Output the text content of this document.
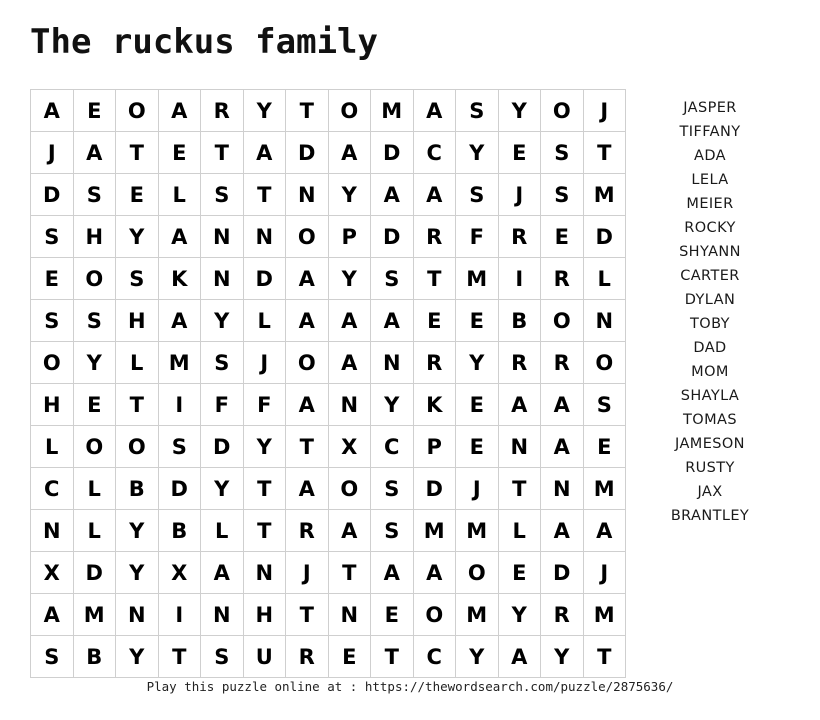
The ruckus family
A	E	O	A	R	Y	T	O	M	A	S	Y	O	J
J	A	T	E	T	A	D	A	D	C	Y	E	S	T
D	S	E	L	S	T	N	Y	A	A	S	J	S	M
S	H	Y	A	N	N	O	P	D	R	F	R	E	D
E	O	S	K	N	D	A	Y	S	T	M	I	R	L
S	S	H	A	Y	L	A	A	A	E	E	B	O	N
O	Y	L	M	S	J	O	A	N	R	Y	R	R	O
H	E	T	I	F	F	A	N	Y	K	E	A	A	S
L	O	O	S	D	Y	T	X	C	P	E	N	A	E
C	L	B	D	Y	T	A	O	S	D	J	T	N	M
N	L	Y	B	L	T	R	A	S	M	M	L	A	A
X	D	Y	X	A	N	J	T	A	A	O	E	D	J
A	M	N	I	N	H	T	N	E	O	M	Y	R	M
S	B	Y	T	S	U	R	E	T	C	Y	A	Y	T
JASPER
TIFFANY
ADA
LELA
MEIER
ROCKY
SHYANN
CARTER
DYLAN
TOBY
DAD
MOM
SHAYLA
TOMAS
JAMESON
RUSTY
JAX
BRANTLEY
Play this puzzle online at : https://thewordsearch.com/puzzle/2875636/
